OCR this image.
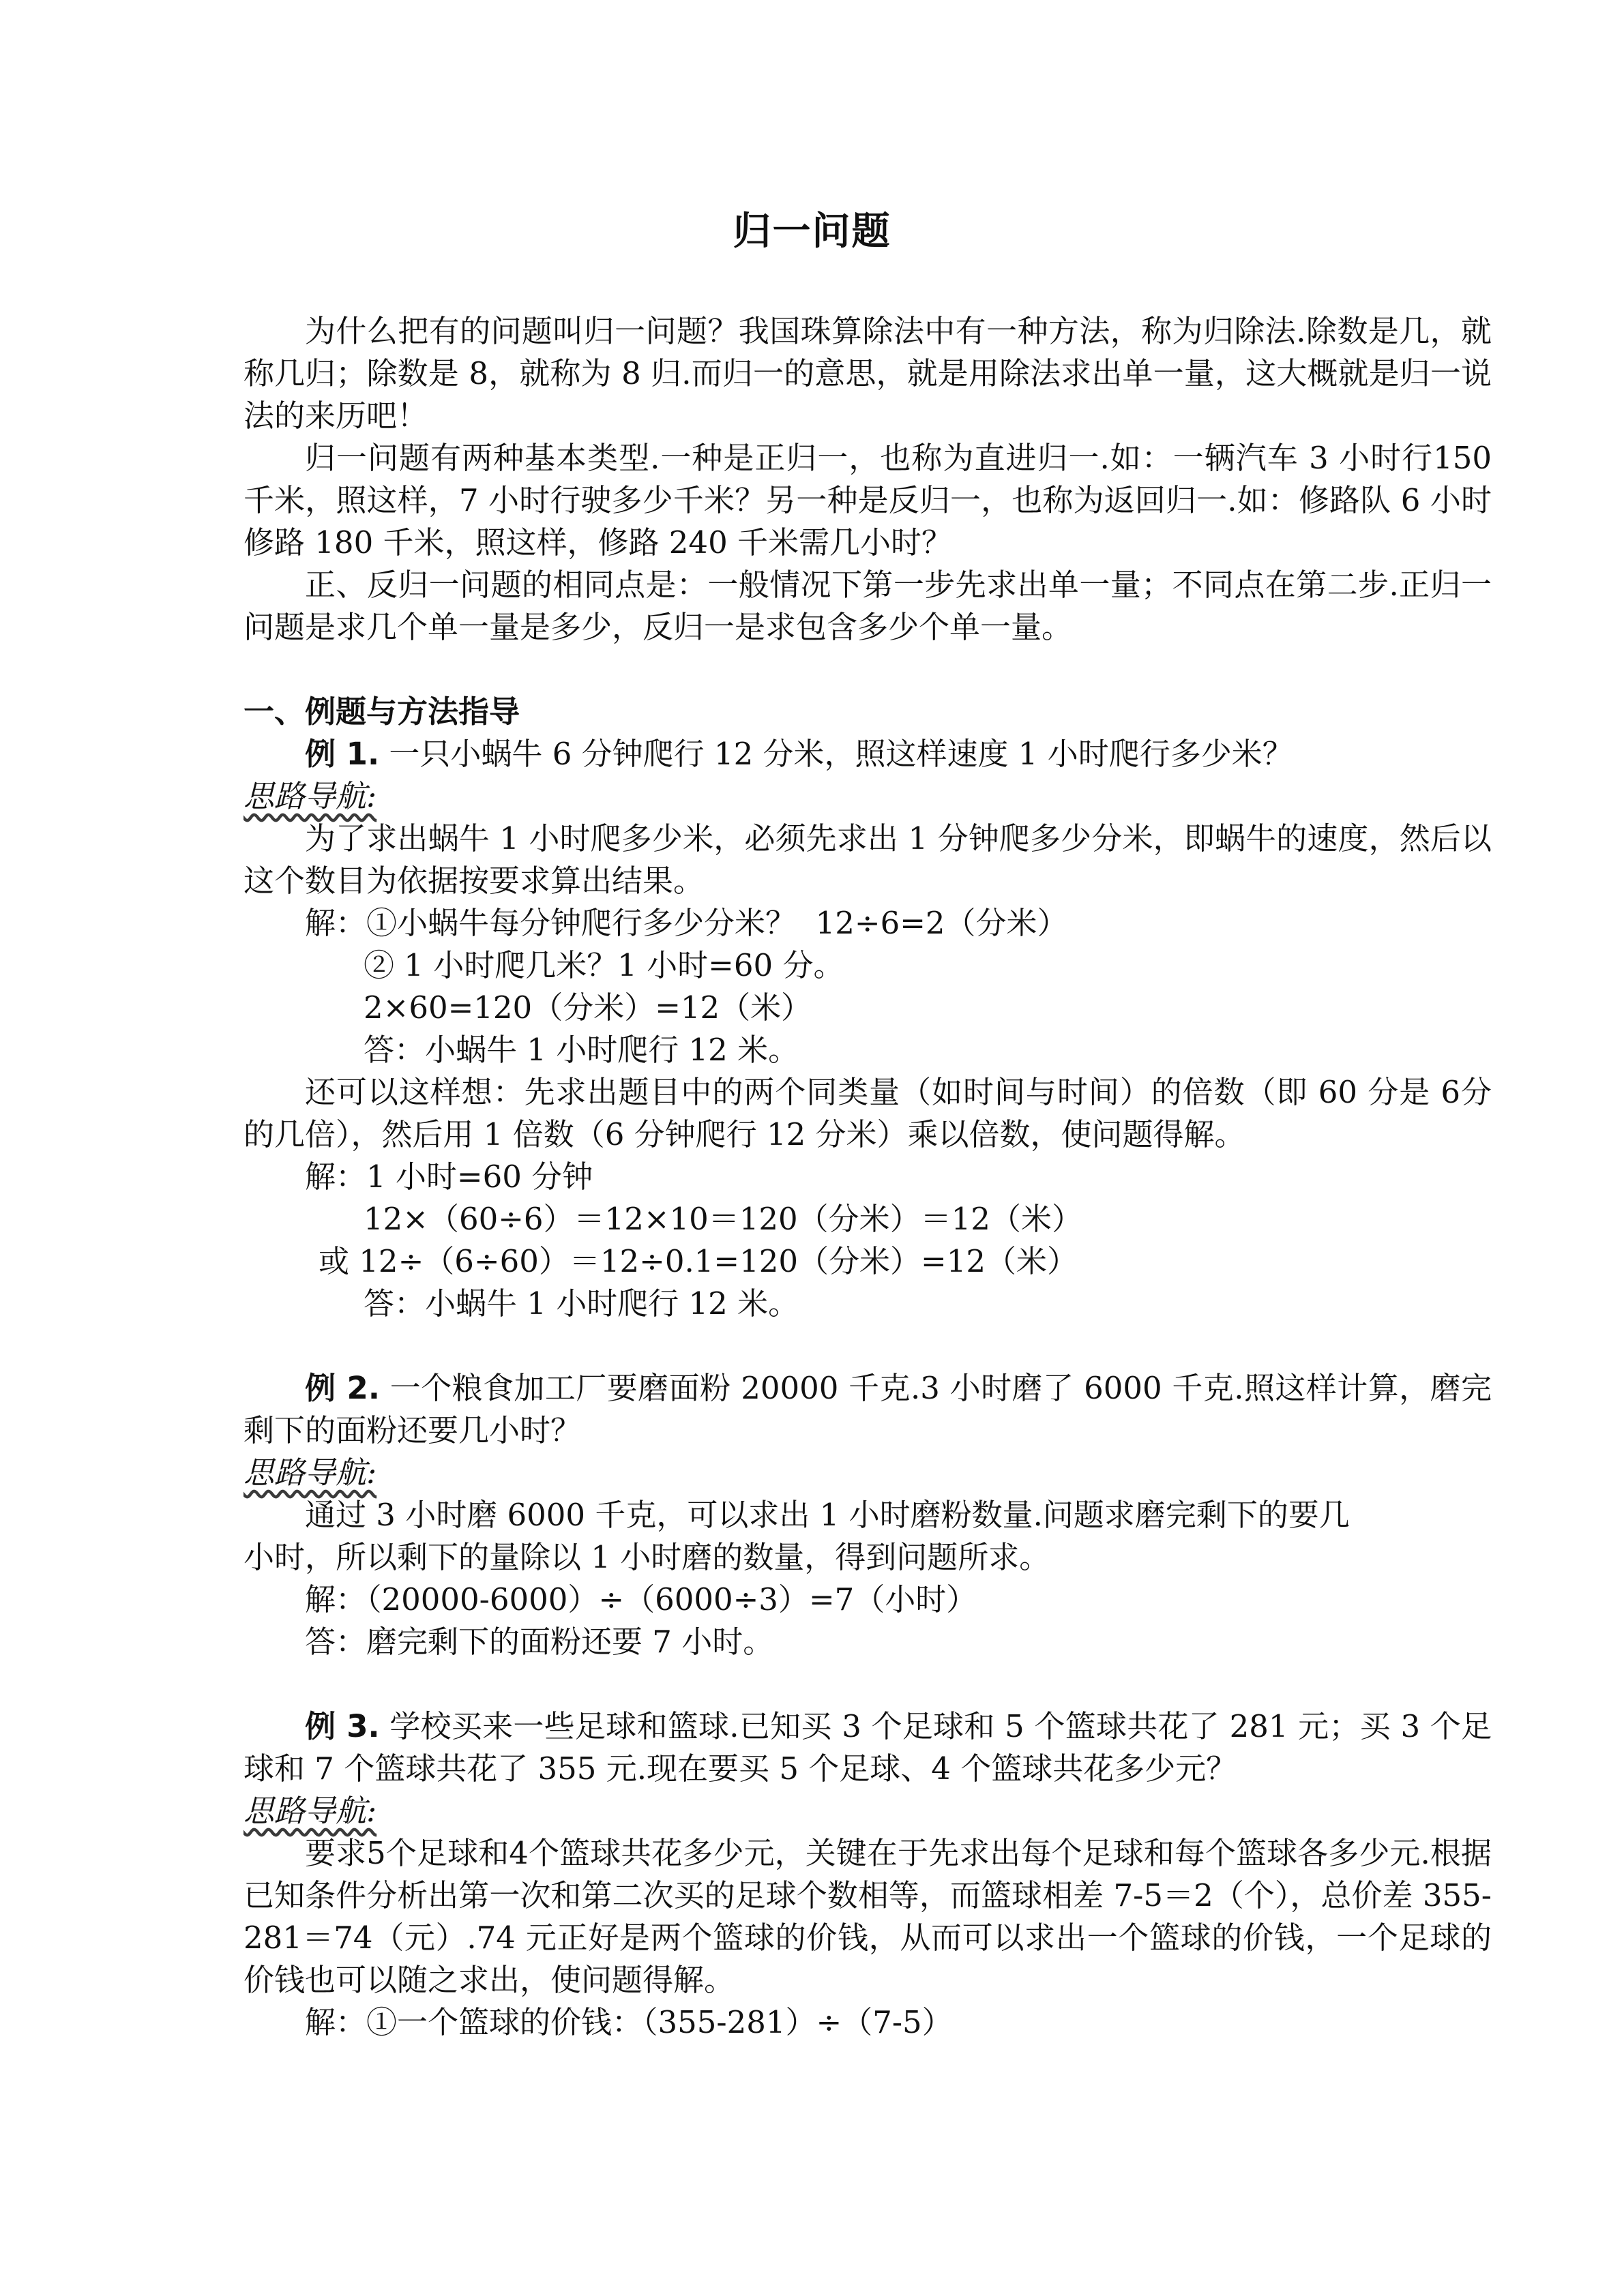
归一问题

为什么把有的问题叫归一问题？我国珠算除法中有一种方法，称为归除法.除数是几，就称几归；除数是 8，就称为 8 归.而归一的意思，就是用除法求出单一量，这大概就是归一说法的来历吧！

归一问题有两种基本类型.一种是正归一，也称为直进归一.如：一辆汽车 3 小时行150 千米，照这样，7 小时行驶多少千米？另一种是反归一，也称为返回归一.如：修路队 6 小时修路 180 千米，照这样，修路 240 千米需几小时？

正、反归一问题的相同点是：一般情况下第一步先求出单一量；不同点在第二步.正归一问题是求几个单一量是多少，反归一是求包含多少个单一量。

一、例题与方法指导

例 1. 一只小蜗牛 6 分钟爬行 12 分米，照这样速度 1 小时爬行多少米？

思路导航:

为了求出蜗牛 1 小时爬多少米，必须先求出 1 分钟爬多少分米，即蜗牛的速度，然后以这个数目为依据按要求算出结果。

解：①小蜗牛每分钟爬行多少分米？  12÷6=2（分米）

② 1 小时爬几米？1 小时=60 分。

2×60=120（分米）=12（米）

答：小蜗牛 1 小时爬行 12 米。

还可以这样想：先求出题目中的两个同类量（如时间与时间）的倍数（即 60 分是 6分的几倍），然后用 1 倍数（6 分钟爬行 12 分米）乘以倍数，使问题得解。

解：1 小时=60 分钟

12×（60÷6）＝12×10＝120（分米）＝12（米）

或 12÷（6÷60）＝12÷0.1=120（分米）=12（米）

答：小蜗牛 1 小时爬行 12 米。

例 2. 一个粮食加工厂要磨面粉 20000 千克.3 小时磨了 6000 千克.照这样计算，磨完剩下的面粉还要几小时？

思路导航:

通过 3 小时磨 6000 千克，可以求出 1 小时磨粉数量.问题求磨完剩下的要几

小时，所以剩下的量除以 1 小时磨的数量，得到问题所求。

解：（20000-6000）÷（6000÷3）=7（小时）

答：磨完剩下的面粉还要 7 小时。

例 3. 学校买来一些足球和篮球.已知买 3 个足球和 5 个篮球共花了 281 元；买 3 个足球和 7 个篮球共花了 355 元.现在要买 5 个足球、4 个篮球共花多少元？

思路导航:

要求5个足球和4个篮球共花多少元，关键在于先求出每个足球和每个篮球各多少元.根据已知条件分析出第一次和第二次买的足球个数相等，而篮球相差 7-5＝2（个），总价差 355-281＝74（元）.74 元正好是两个篮球的价钱，从而可以求出一个篮球的价钱，一个足球的价钱也可以随之求出，使问题得解。

解：①一个篮球的价钱：（355-281）÷（7-5）
